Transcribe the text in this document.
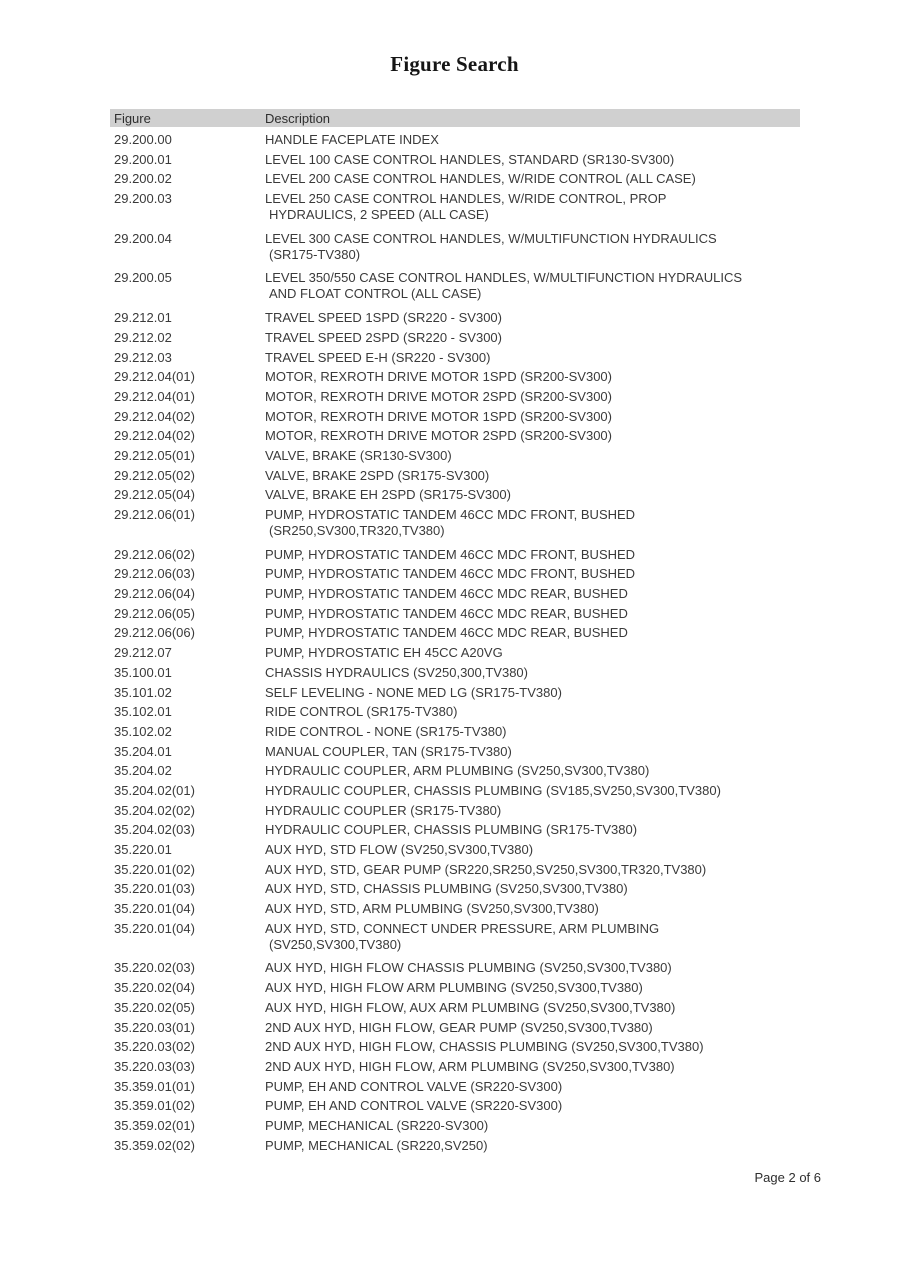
Figure Search
Figure	Description
29.200.00	HANDLE FACEPLATE INDEX
29.200.01	LEVEL 100 CASE CONTROL HANDLES, STANDARD (SR130-SV300)
29.200.02	LEVEL 200 CASE CONTROL HANDLES, W/RIDE CONTROL (ALL CASE)
29.200.03	LEVEL 250 CASE CONTROL HANDLES, W/RIDE CONTROL, PROP
HYDRAULICS, 2 SPEED (ALL CASE)
29.200.04	LEVEL 300 CASE CONTROL HANDLES, W/MULTIFUNCTION HYDRAULICS
(SR175-TV380)
29.200.05	LEVEL 350/550 CASE CONTROL HANDLES, W/MULTIFUNCTION HYDRAULICS
AND FLOAT CONTROL (ALL CASE)
29.212.01	TRAVEL SPEED 1SPD (SR220 - SV300)
29.212.02	TRAVEL SPEED 2SPD (SR220 - SV300)
29.212.03	TRAVEL SPEED E-H (SR220 - SV300)
29.212.04(01)	MOTOR, REXROTH DRIVE MOTOR 1SPD (SR200-SV300)
29.212.04(01)	MOTOR, REXROTH DRIVE MOTOR 2SPD (SR200-SV300)
29.212.04(02)	MOTOR, REXROTH DRIVE MOTOR 1SPD (SR200-SV300)
29.212.04(02)	MOTOR, REXROTH DRIVE MOTOR 2SPD (SR200-SV300)
29.212.05(01)	VALVE, BRAKE (SR130-SV300)
29.212.05(02)	VALVE, BRAKE 2SPD (SR175-SV300)
29.212.05(04)	VALVE, BRAKE EH 2SPD (SR175-SV300)
29.212.06(01)	PUMP, HYDROSTATIC TANDEM 46CC MDC FRONT, BUSHED
(SR250,SV300,TR320,TV380)
29.212.06(02)	PUMP, HYDROSTATIC TANDEM 46CC MDC FRONT, BUSHED
29.212.06(03)	PUMP, HYDROSTATIC TANDEM 46CC MDC FRONT, BUSHED
29.212.06(04)	PUMP, HYDROSTATIC TANDEM 46CC MDC REAR, BUSHED
29.212.06(05)	PUMP, HYDROSTATIC TANDEM 46CC MDC REAR, BUSHED
29.212.06(06)	PUMP, HYDROSTATIC TANDEM 46CC MDC REAR, BUSHED
29.212.07	PUMP, HYDROSTATIC EH 45CC A20VG
35.100.01	CHASSIS HYDRAULICS (SV250,300,TV380)
35.101.02	SELF LEVELING - NONE MED LG (SR175-TV380)
35.102.01	RIDE CONTROL (SR175-TV380)
35.102.02	RIDE CONTROL - NONE (SR175-TV380)
35.204.01	MANUAL COUPLER, TAN (SR175-TV380)
35.204.02	HYDRAULIC COUPLER, ARM PLUMBING (SV250,SV300,TV380)
35.204.02(01)	HYDRAULIC COUPLER, CHASSIS PLUMBING (SV185,SV250,SV300,TV380)
35.204.02(02)	HYDRAULIC COUPLER (SR175-TV380)
35.204.02(03)	HYDRAULIC COUPLER, CHASSIS PLUMBING (SR175-TV380)
35.220.01	AUX HYD, STD FLOW (SV250,SV300,TV380)
35.220.01(02)	AUX HYD, STD, GEAR PUMP (SR220,SR250,SV250,SV300,TR320,TV380)
35.220.01(03)	AUX HYD, STD, CHASSIS PLUMBING (SV250,SV300,TV380)
35.220.01(04)	AUX HYD, STD, ARM PLUMBING (SV250,SV300,TV380)
35.220.01(04)	AUX HYD, STD, CONNECT UNDER PRESSURE, ARM PLUMBING
(SV250,SV300,TV380)
35.220.02(03)	AUX HYD, HIGH FLOW CHASSIS PLUMBING (SV250,SV300,TV380)
35.220.02(04)	AUX HYD, HIGH FLOW ARM PLUMBING (SV250,SV300,TV380)
35.220.02(05)	AUX HYD, HIGH FLOW, AUX ARM PLUMBING (SV250,SV300,TV380)
35.220.03(01)	2ND AUX HYD, HIGH FLOW, GEAR PUMP (SV250,SV300,TV380)
35.220.03(02)	2ND AUX HYD, HIGH FLOW, CHASSIS PLUMBING (SV250,SV300,TV380)
35.220.03(03)	2ND AUX HYD, HIGH FLOW, ARM PLUMBING (SV250,SV300,TV380)
35.359.01(01)	PUMP, EH AND CONTROL VALVE (SR220-SV300)
35.359.01(02)	PUMP, EH AND CONTROL VALVE (SR220-SV300)
35.359.02(01)	PUMP, MECHANICAL (SR220-SV300)
35.359.02(02)	PUMP, MECHANICAL (SR220,SV250)
Page 2 of 6
